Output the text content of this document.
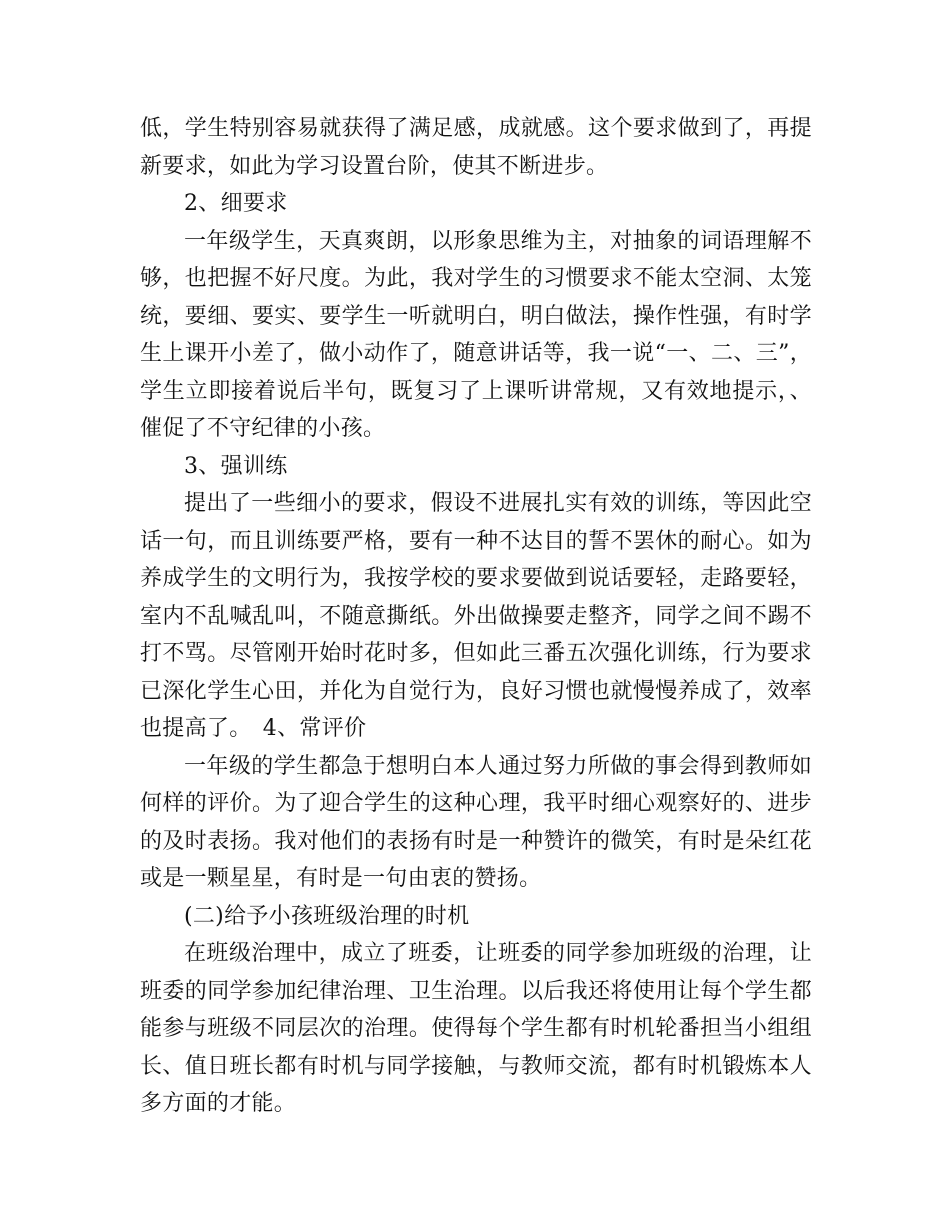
低，学生特别容易就获得了满足感，成就感。这个要求做到了，再提新要求，如此为学习设置台阶，使其不断进步。

2、细要求

一年级学生，天真爽朗，以形象思维为主，对抽象的词语理解不够，也把握不好尺度。为此，我对学生的习惯要求不能太空洞、太笼统，要细、要实、要学生一听就明白，明白做法，操作性强，有时学生上课开小差了，做小动作了，随意讲话等，我一说“一、二、三”，学生立即接着说后半句，既复习了上课听讲常规，又有效地提示，、催促了不守纪律的小孩。

3、强训练

提出了一些细小的要求，假设不进展扎实有效的训练，等因此空话一句，而且训练要严格，要有一种不达目的誓不罢休的耐心。如为养成学生的文明行为，我按学校的要求要做到说话要轻，走路要轻，室内不乱喊乱叫，不随意撕纸。外出做操要走整齐，同学之间不踢不打不骂。尽管刚开始时花时多，但如此三番五次强化训练，行为要求已深化学生心田，并化为自觉行为，良好习惯也就慢慢养成了，效率也提高了。　4、常评价

一年级的学生都急于想明白本人通过努力所做的事会得到教师如何样的评价。为了迎合学生的这种心理，我平时细心观察好的、进步的及时表扬。我对他们的表扬有时是一种赞许的微笑，有时是朵红花或是一颗星星，有时是一句由衷的赞扬。

(二)给予小孩班级治理的时机

在班级治理中，成立了班委，让班委的同学参加班级的治理，让班委的同学参加纪律治理、卫生治理。以后我还将使用让每个学生都能参与班级不同层次的治理。使得每个学生都有时机轮番担当小组组长、值日班长都有时机与同学接触，与教师交流，都有时机锻炼本人多方面的才能。
